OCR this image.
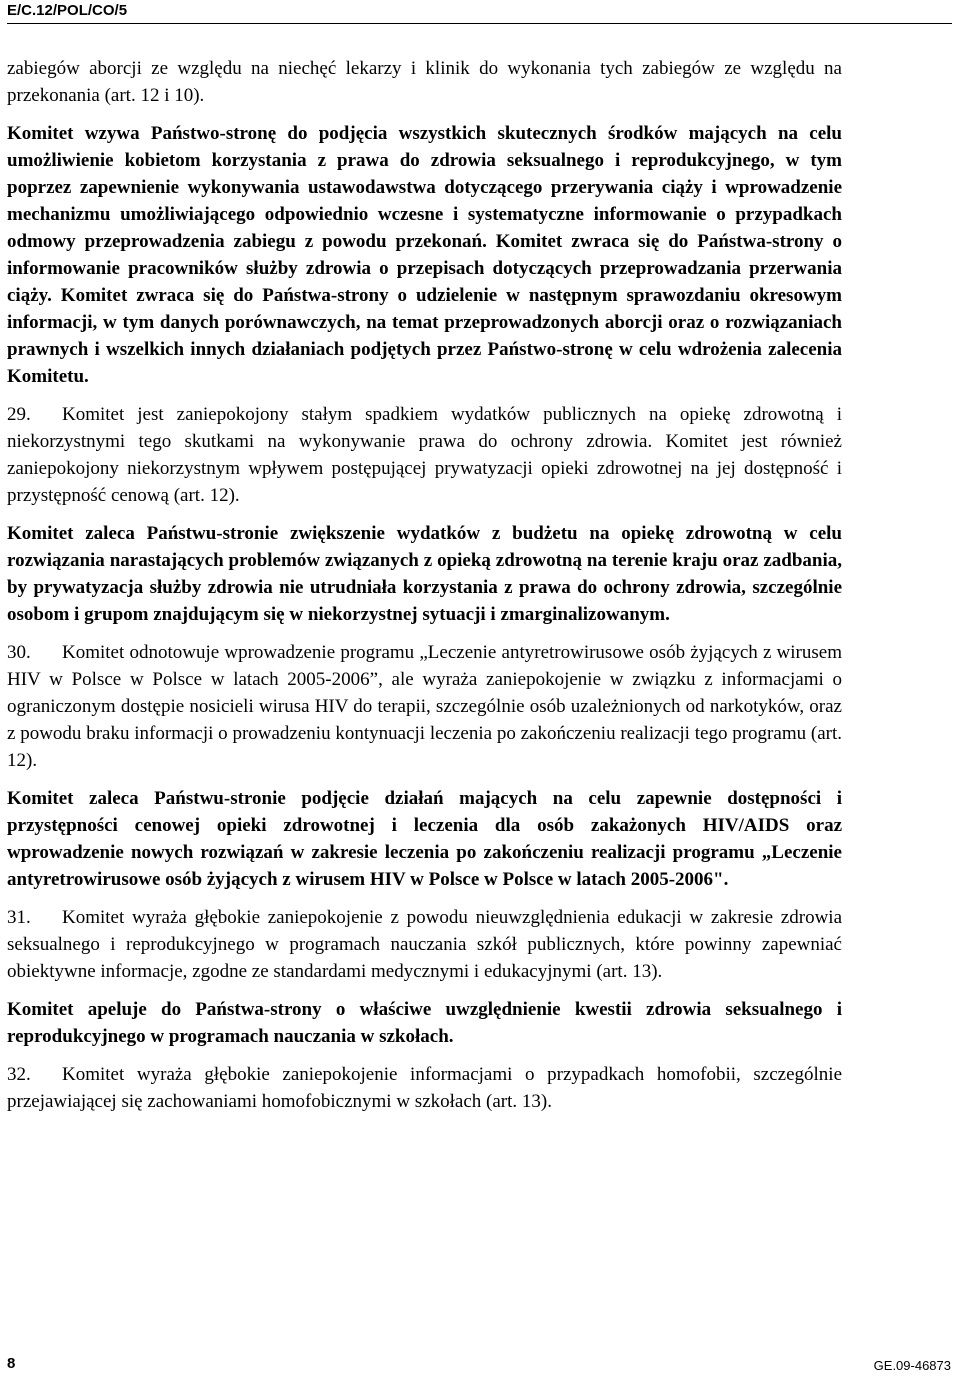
E/C.12/POL/CO/5

zabiegów aborcji ze względu na niechęć lekarzy i klinik do wykonania tych zabiegów ze względu na przekonania (art. 12 i 10).

Komitet wzywa Państwo-stronę do podjęcia wszystkich skutecznych środków mających na celu umożliwienie kobietom korzystania z prawa do zdrowia seksualnego i reprodukcyjnego, w tym poprzez zapewnienie wykonywania ustawodawstwa dotyczącego przerywania ciąży i wprowadzenie mechanizmu umożliwiającego odpowiednio wczesne i systematyczne informowanie o przypadkach odmowy przeprowadzenia zabiegu z powodu przekonań. Komitet zwraca się do Państwa-strony o informowanie pracowników służby zdrowia o przepisach dotyczących przeprowadzania przerwania ciąży. Komitet zwraca się do Państwa-strony o udzielenie w następnym sprawozdaniu okresowym informacji, w tym danych porównawczych, na temat przeprowadzonych aborcji oraz o rozwiązaniach prawnych i wszelkich innych działaniach podjętych przez Państwo-stronę w celu wdrożenia zalecenia Komitetu.

29. Komitet jest zaniepokojony stałym spadkiem wydatków publicznych na opiekę zdrowotną i niekorzystnymi tego skutkami na wykonywanie prawa do ochrony zdrowia. Komitet jest również zaniepokojony niekorzystnym wpływem postępującej prywatyzacji opieki zdrowotnej na jej dostępność i przystępność cenową (art. 12).

Komitet zaleca Państwu-stronie zwiększenie wydatków z budżetu na opiekę zdrowotną w celu rozwiązania narastających problemów związanych z opieką zdrowotną na terenie kraju oraz zadbania, by prywatyzacja służby zdrowia nie utrudniała korzystania z prawa do ochrony zdrowia, szczególnie osobom i grupom znajdującym się w niekorzystnej sytuacji i zmarginalizowanym.

30. Komitet odnotowuje wprowadzenie programu „Leczenie antyretrowirusowe osób żyjących z wirusem HIV w Polsce w Polsce w latach 2005-2006”, ale wyraża zaniepokojenie w związku z informacjami o ograniczonym dostępie nosicieli wirusa HIV do terapii, szczególnie osób uzależnionych od narkotyków, oraz z powodu braku informacji o prowadzeniu kontynuacji leczenia po zakończeniu realizacji tego programu (art. 12).

Komitet zaleca Państwu-stronie podjęcie działań mających na celu zapewnie dostępności i przystępności cenowej opieki zdrowotnej i leczenia dla osób zakażonych HIV/AIDS oraz wprowadzenie nowych rozwiązań w zakresie leczenia po zakończeniu realizacji programu „Leczenie antyretrowirusowe osób żyjących z wirusem HIV w Polsce w Polsce w latach 2005-2006".

31. Komitet wyraża głębokie zaniepokojenie z powodu nieuwzględnienia edukacji w zakresie zdrowia seksualnego i reprodukcyjnego w programach nauczania szkół publicznych, które powinny zapewniać obiektywne informacje, zgodne ze standardami medycznymi i edukacyjnymi (art. 13).

Komitet apeluje do Państwa-strony o właściwe uwzględnienie kwestii zdrowia seksualnego i reprodukcyjnego w programach nauczania w szkołach.

32. Komitet wyraża głębokie zaniepokojenie informacjami o przypadkach homofobii, szczególnie przejawiającej się zachowaniami homofobicznymi w szkołach (art. 13).

8	GE.09-46873
